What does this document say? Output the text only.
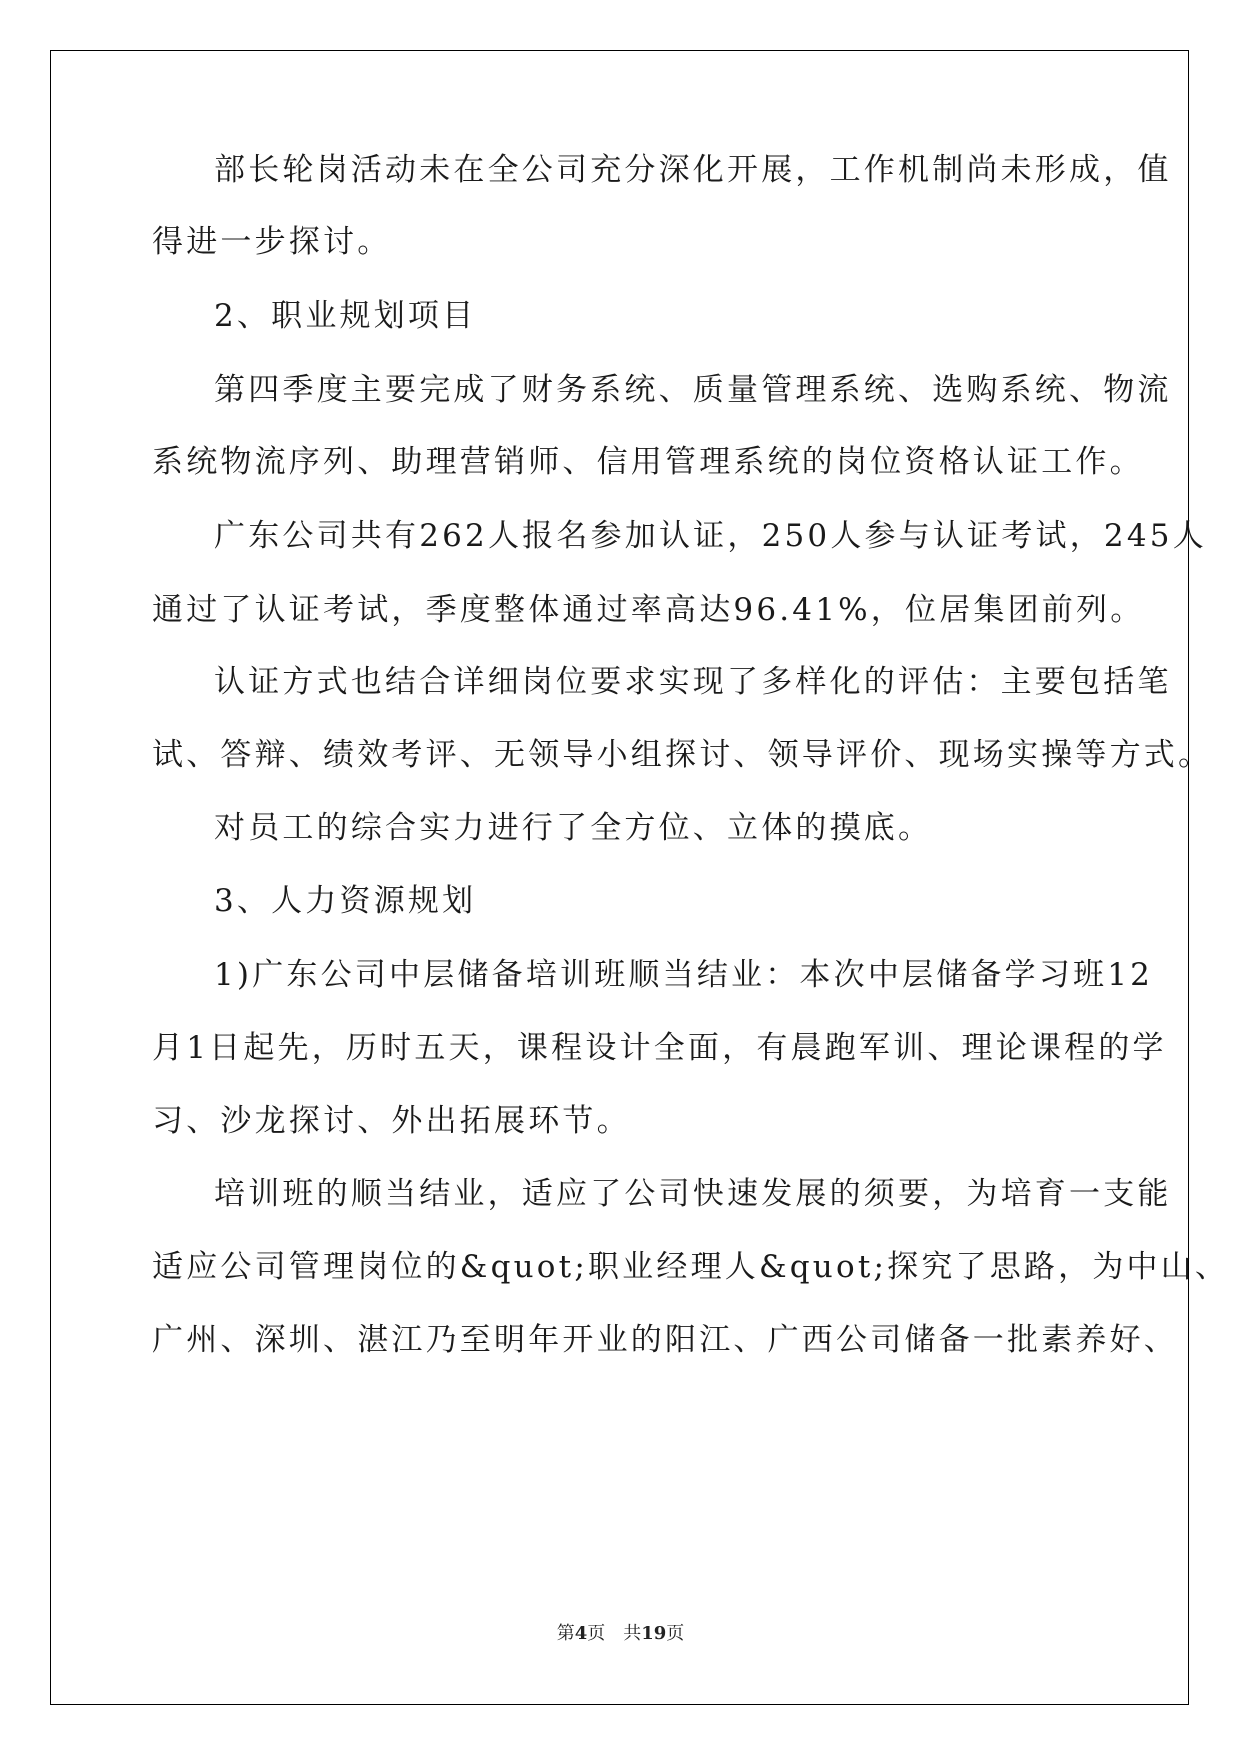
部长轮岗活动未在全公司充分深化开展，工作机制尚未形成，值
得进一步探讨。
2、职业规划项目
第四季度主要完成了财务系统、质量管理系统、选购系统、物流
系统物流序列、助理营销师、信用管理系统的岗位资格认证工作。
广东公司共有262人报名参加认证，250人参与认证考试，245人
通过了认证考试，季度整体通过率高达96.41%，位居集团前列。
认证方式也结合详细岗位要求实现了多样化的评估：主要包括笔
试、答辩、绩效考评、无领导小组探讨、领导评价、现场实操等方式。
对员工的综合实力进行了全方位、立体的摸底。
3、人力资源规划
1)广东公司中层储备培训班顺当结业：本次中层储备学习班12
月1日起先，历时五天，课程设计全面，有晨跑军训、理论课程的学
习、沙龙探讨、外出拓展环节。
培训班的顺当结业，适应了公司快速发展的须要，为培育一支能
适应公司管理岗位的&quot;职业经理人&quot;探究了思路，为中山、
广州、深圳、湛江乃至明年开业的阳江、广西公司储备一批素养好、
第4页 共19页
